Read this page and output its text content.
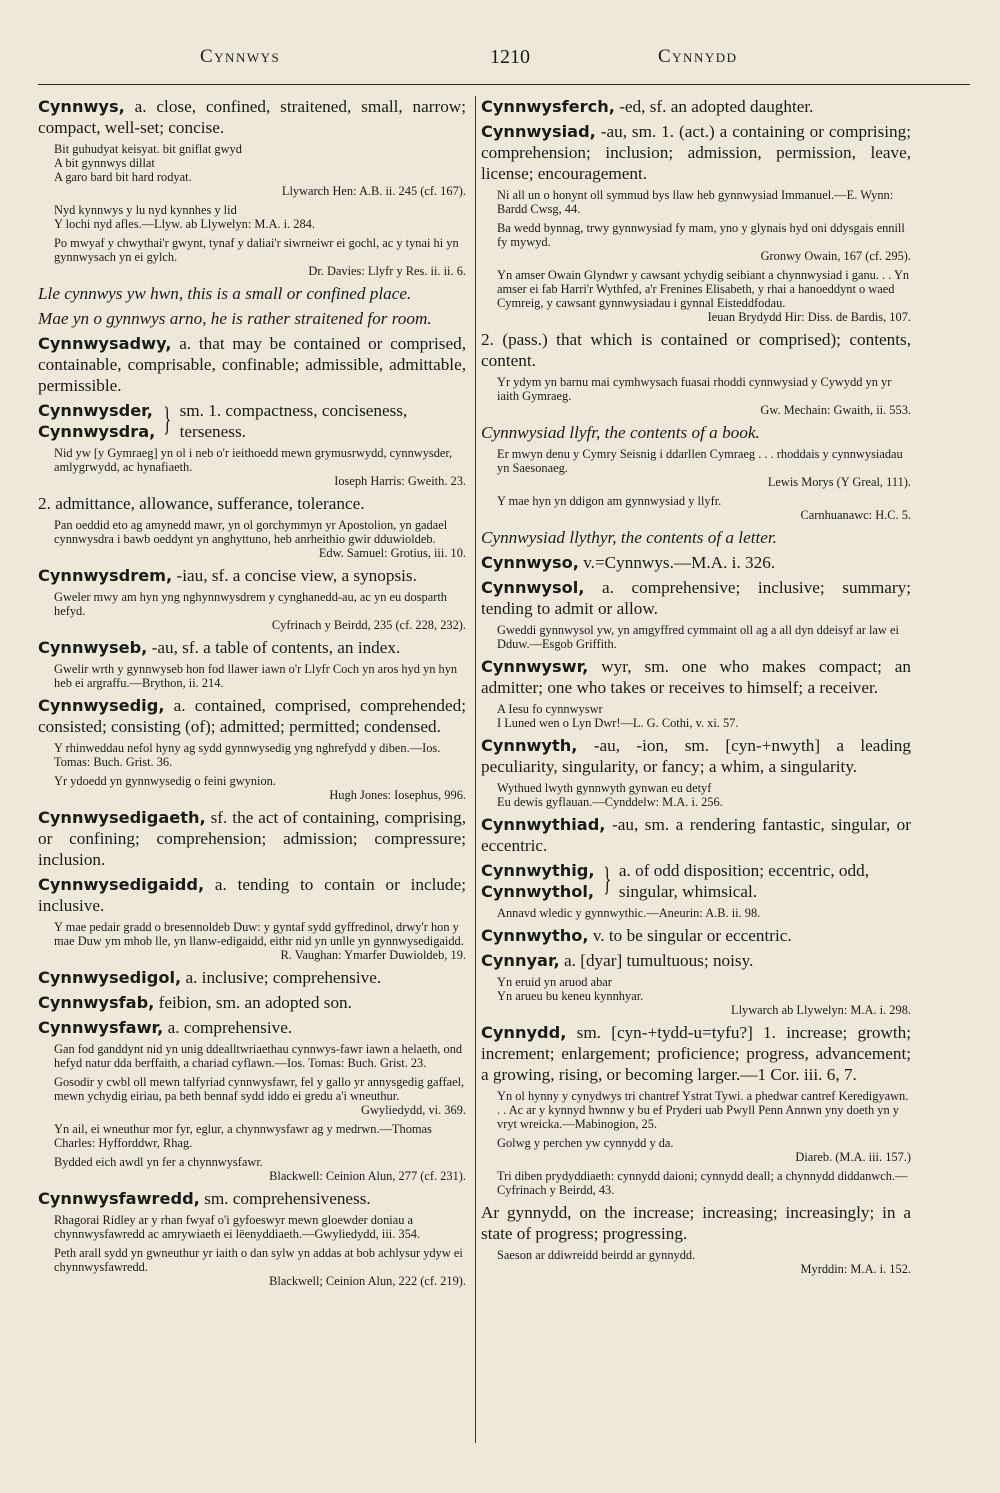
Cynnwys	1210	Cynnydd
Cynnwys, a. close, confined, straitened, small, narrow; compact, well-set; concise.
Bit guhudyat keisyat. bit gniflat gwyd
A bit gynnwys dillat
A garo bard bit hard rodyat.
Llywarch Hen: A.B. ii. 245 (cf. 167).
Nyd kynnwys y lu nyd kynnhes y lid
Y lochi nyd afles.—Llyw. ab Llywelyn: M.A. i. 284.
Po mwyaf y chwythai'r gwynt, tynaf y daliai'r siwrneiwr ei gochl, ac y tynai hi yn gynnwysach yn ei gylch.
Dr. Davies: Llyfr y Res. ii. ii. 6.
Lle cynnwys yw hwn, this is a small or confined place.
Mae yn o gynnwys arno, he is rather straitened for room.
Cynnwysadwy, a. that may be contained or comprised, containable, comprisable, confinable; admissible, admittable, permissible.
Cynnwysder,
Cynnwysdra, } sm. 1. compactness, conciseness, terseness.
Nid yw [y Gymraeg] yn ol i neb o'r ieithoedd mewn grymusrwydd, cynnwysder, amlygrwydd, ac hynafiaeth.
Ioseph Harris: Gweith. 23.
2. admittance, allowance, sufferance, tolerance.
Pan oeddid eto ag amynedd mawr, yn ol gorchymmyn yr Apostolion, yn gadael cynnwysdra i bawb oeddynt yn anghyttuno, heb anrheithio gwir dduwioldeb.
Edw. Samuel: Grotius, iii. 10.
Cynnwysdrem, -iau, sf. a concise view, a synopsis.
Gweler mwy am hyn yng nghynnwysdrem y cynghanedd-au, ac yn eu dosparth hefyd.
Cyfrinach y Beirdd, 235 (cf. 228, 232).
Cynnwyseb, -au, sf. a table of contents, an index.
Gwelir wrth y gynnwyseb hon fod llawer iawn o'r Llyfr Coch yn aros hyd yn hyn heb ei argraffu.—Brython, ii. 214.
Cynnwysedig, a. contained, comprised, comprehended; consisted; consisting (of); admitted; permitted; condensed.
Y rhinweddau nefol hyny ag sydd gynnwysedig yng nghrefydd y diben.—Ios. Tomas: Buch. Grist. 36.
Yr ydoedd yn gynnwysedig o feini gwynion.
Hugh Jones: Iosephus, 996.
Cynnwysedigaeth, sf. the act of containing, comprising, or confining; comprehension; admission; compressure; inclusion.
Cynnwysedigaidd, a. tending to contain or include; inclusive.
Y mae pedair gradd o bresennoldeb Duw: y gyntaf sydd gyffredinol, drwy'r hon y mae Duw ym mhob lle, yn llanw-edigaidd, eithr nid yn unlle yn gynnwysedigaidd.
R. Vaughan: Ymarfer Duwioldeb, 19.
Cynnwysedigol, a. inclusive; comprehensive.
Cynnwysfab, feibion, sm. an adopted son.
Cynnwysfawr, a. comprehensive.
Gan fod ganddynt nid yn unig ddealltwriaethau cynnwys-fawr iawn a helaeth, ond hefyd natur dda berffaith, a chariad cyflawn.—Ios. Tomas: Buch. Grist. 23.
Gosodir y cwbl oll mewn talfyriad cynnwysfawr, fel y gallo yr annysgedig gaffael, mewn ychydig eiriau, pa beth bennaf sydd iddo ei gredu a'i wneuthur.
Gwyliedydd, vi. 369.
Yn ail, ei wneuthur mor fyr, eglur, a chynnwysfawr ag y medrwn.—Thomas Charles: Hyfforddwr, Rhag.
Bydded eich awdl yn fer a chynnwysfawr.
Blackwell: Ceinion Alun, 277 (cf. 231).
Cynnwysfawredd, sm. comprehensiveness.
Rhagorai Ridley ar y rhan fwyaf o'i gyfoeswyr mewn gloewder doniau a chynnwysfawredd ac amrywiaeth ei lëenyddiaeth.—Gwyliedydd, iii. 354.
Peth arall sydd yn gwneuthur yr iaith o dan sylw yn addas at bob achlysur ydyw ei chynnwysfawredd.
Blackwell; Ceinion Alun, 222 (cf. 219).
Cynnwysferch, -ed, sf. an adopted daughter.
Cynnwysiad, -au, sm. 1. (act.) a containing or comprising; comprehension; inclusion; admission, permission, leave, license; encouragement.
Ni all un o honynt oll symmud bys llaw heb gynnwysiad Immanuel.—E. Wynn: Bardd Cwsg, 44.
Ba wedd bynnag, trwy gynnwysiad fy mam, yno y glynais hyd oni ddysgais ennill fy mywyd.
Gronwy Owain, 167 (cf. 295).
Yn amser Owain Glyndwr y cawsant ychydig seibiant a chynnwysiad i ganu. . . Yn amser ei fab Harri'r Wythfed, a'r Frenines Elisabeth, y rhai a hanoeddynt o waed Cymreig, y cawsant gynnwysiadau i gynnal Eisteddfodau.
Ieuan Brydydd Hir: Diss. de Bardis, 107.
2. (pass.) that which is contained or comprised); contents, content.
Yr ydym yn barnu mai cymhwysach fuasai rhoddi cynnwysiad y Cywydd yn yr iaith Gymraeg.
Gw. Mechain: Gwaith, ii. 553.
Cynnwysiad llyfr, the contents of a book.
Er mwyn denu y Cymry Seisnig i ddarllen Cymraeg . . . rhoddais y cynnwysiadau yn Saesonaeg.
Lewis Morys (Y Greal, 111).
Y mae hyn yn ddigon am gynnwysiad y llyfr.
Carnhuanawc: H.C. 5.
Cynnwysiad llythyr, the contents of a letter.
Cynnwyso, v.=Cynnwys.—M.A. i. 326.
Cynnwysol, a. comprehensive; inclusive; summary; tending to admit or allow.
Gweddi gynnwysol yw, yn amgyffred cymmaint oll ag a all dyn ddeisyf ar law ei Dduw.—Esgob Griffith.
Cynnwyswr, wyr, sm. one who makes compact; an admitter; one who takes or receives to himself; a receiver.
A Iesu fo cynnwyswr
I Luned wen o Lyn Dwr!—L. G. Cothi, v. xi. 57.
Cynnwyth, -au, -ion, sm. [cyn-+nwyth] a leading peculiarity, singularity, or fancy; a whim, a singularity.
Wythued lwyth gynnwyth gynwan eu detyf
Eu dewis gyflauan.—Cynddelw: M.A. i. 256.
Cynnwythiad, -au, sm. a rendering fantastic, singular, or eccentric.
Cynnwythig,
Cynnwythol, } a. of odd disposition; eccentric, odd, singular, whimsical.
Annavd wledic y gynnwythic.—Aneurin: A.B. ii. 98.
Cynnwytho, v. to be singular or eccentric.
Cynnyar, a. [dyar] tumultuous; noisy.
Yn eruid yn aruod abar
Yn arueu bu keneu kynnhyar.
Llywarch ab Llywelyn: M.A. i. 298.
Cynnydd, sm. [cyn-+tydd-u=tyfu?] 1. increase; growth; increment; enlargement; proficience; progress, advancement; a growing, rising, or becoming larger.—1 Cor. iii. 6, 7.
Yn ol hynny y cynydwys tri chantref Ystrat Tywi. a phedwar cantref Keredigyawn. . . Ac ar y kynnyd hwnnw y bu ef Pryderi uab Pwyll Penn Annwn yny doeth yn y vryt wreicka.—Mabinogion, 25.
Golwg y perchen yw cynnydd y da.
Diareb. (M.A. iii. 157.)
Tri diben prydyddiaeth: cynnydd daioni; cynnydd deall; a chynnydd diddanwch.—Cyfrinach y Beirdd, 43.
Ar gynnydd, on the increase; increasing; increasingly; in a state of progress; progressing.
Saeson ar ddiwreidd beirdd ar gynnydd.
Myrddin: M.A. i. 152.
